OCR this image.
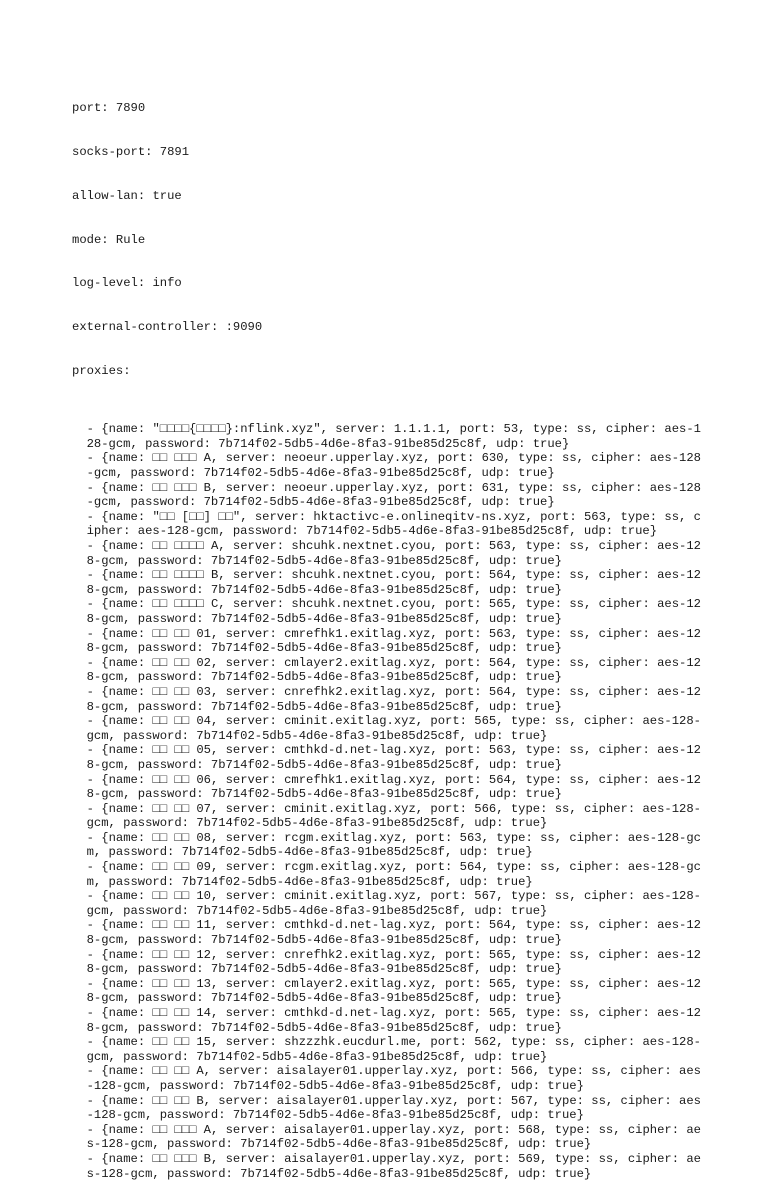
port: 7890

socks-port: 7891

allow-lan: true

mode: Rule

log-level: info

external-controller: :9090

proxies:

- {name: "□□□□{□□□□}:nflink.xyz", server: 1.1.1.1, port: 53, type: ss, cipher: aes-128-gcm, password: 7b714f02-5db5-4d6e-8fa3-91be85d25c8f, udp: true}
- {name: □□ □□□ A, server: neoeur.upperlay.xyz, port: 630, type: ss, cipher: aes-128-gcm, password: 7b714f02-5db5-4d6e-8fa3-91be85d25c8f, udp: true}
- {name: □□ □□□ B, server: neoeur.upperlay.xyz, port: 631, type: ss, cipher: aes-128-gcm, password: 7b714f02-5db5-4d6e-8fa3-91be85d25c8f, udp: true}
- {name: "□□ [□□] □□", server: hktactivc-e.onlineqitv-ns.xyz, port: 563, type: ss, cipher: aes-128-gcm, password: 7b714f02-5db5-4d6e-8fa3-91be85d25c8f, udp: true}
- {name: □□ □□□□ A, server: shcuhk.nextnet.cyou, port: 563, type: ss, cipher: aes-128-gcm, password: 7b714f02-5db5-4d6e-8fa3-91be85d25c8f, udp: true}
- {name: □□ □□□□ B, server: shcuhk.nextnet.cyou, port: 564, type: ss, cipher: aes-128-gcm, password: 7b714f02-5db5-4d6e-8fa3-91be85d25c8f, udp: true}
- {name: □□ □□□□ C, server: shcuhk.nextnet.cyou, port: 565, type: ss, cipher: aes-128-gcm, password: 7b714f02-5db5-4d6e-8fa3-91be85d25c8f, udp: true}
- {name: □□ □□ 01, server: cmrefhk1.exitlag.xyz, port: 563, type: ss, cipher: aes-128-gcm, password: 7b714f02-5db5-4d6e-8fa3-91be85d25c8f, udp: true}
- {name: □□ □□ 02, server: cmlayer2.exitlag.xyz, port: 564, type: ss, cipher: aes-128-gcm, password: 7b714f02-5db5-4d6e-8fa3-91be85d25c8f, udp: true}
- {name: □□ □□ 03, server: cnrefhk2.exitlag.xyz, port: 564, type: ss, cipher: aes-128-gcm, password: 7b714f02-5db5-4d6e-8fa3-91be85d25c8f, udp: true}
- {name: □□ □□ 04, server: cminit.exitlag.xyz, port: 565, type: ss, cipher: aes-128-gcm, password: 7b714f02-5db5-4d6e-8fa3-91be85d25c8f, udp: true}
- {name: □□ □□ 05, server: cmthkd-d.net-lag.xyz, port: 563, type: ss, cipher: aes-128-gcm, password: 7b714f02-5db5-4d6e-8fa3-91be85d25c8f, udp: true}
- {name: □□ □□ 06, server: cmrefhk1.exitlag.xyz, port: 564, type: ss, cipher: aes-128-gcm, password: 7b714f02-5db5-4d6e-8fa3-91be85d25c8f, udp: true}
- {name: □□ □□ 07, server: cminit.exitlag.xyz, port: 566, type: ss, cipher: aes-128-gcm, password: 7b714f02-5db5-4d6e-8fa3-91be85d25c8f, udp: true}
- {name: □□ □□ 08, server: rcgm.exitlag.xyz, port: 563, type: ss, cipher: aes-128-gcm, password: 7b714f02-5db5-4d6e-8fa3-91be85d25c8f, udp: true}
- {name: □□ □□ 09, server: rcgm.exitlag.xyz, port: 564, type: ss, cipher: aes-128-gcm, password: 7b714f02-5db5-4d6e-8fa3-91be85d25c8f, udp: true}
- {name: □□ □□ 10, server: cminit.exitlag.xyz, port: 567, type: ss, cipher: aes-128-gcm, password: 7b714f02-5db5-4d6e-8fa3-91be85d25c8f, udp: true}
- {name: □□ □□ 11, server: cmthkd-d.net-lag.xyz, port: 564, type: ss, cipher: aes-128-gcm, password: 7b714f02-5db5-4d6e-8fa3-91be85d25c8f, udp: true}
- {name: □□ □□ 12, server: cnrefhk2.exitlag.xyz, port: 565, type: ss, cipher: aes-128-gcm, password: 7b714f02-5db5-4d6e-8fa3-91be85d25c8f, udp: true}
- {name: □□ □□ 13, server: cmlayer2.exitlag.xyz, port: 565, type: ss, cipher: aes-128-gcm, password: 7b714f02-5db5-4d6e-8fa3-91be85d25c8f, udp: true}
- {name: □□ □□ 14, server: cmthkd-d.net-lag.xyz, port: 565, type: ss, cipher: aes-128-gcm, password: 7b714f02-5db5-4d6e-8fa3-91be85d25c8f, udp: true}
- {name: □□ □□ 15, server: shzzzhk.eucdurl.me, port: 562, type: ss, cipher: aes-128-gcm, password: 7b714f02-5db5-4d6e-8fa3-91be85d25c8f, udp: true}
- {name: □□ □□ A, server: aisalayer01.upperlay.xyz, port: 566, type: ss, cipher: aes-128-gcm, password: 7b714f02-5db5-4d6e-8fa3-91be85d25c8f, udp: true}
- {name: □□ □□ B, server: aisalayer01.upperlay.xyz, port: 567, type: ss, cipher: aes-128-gcm, password: 7b714f02-5db5-4d6e-8fa3-91be85d25c8f, udp: true}
- {name: □□ □□□ A, server: aisalayer01.upperlay.xyz, port: 568, type: ss, cipher: aes-128-gcm, password: 7b714f02-5db5-4d6e-8fa3-91be85d25c8f, udp: true}
- {name: □□ □□□ B, server: aisalayer01.upperlay.xyz, port: 569, type: ss, cipher: aes-128-gcm, password: 7b714f02-5db5-4d6e-8fa3-91be85d25c8f, udp: true}
